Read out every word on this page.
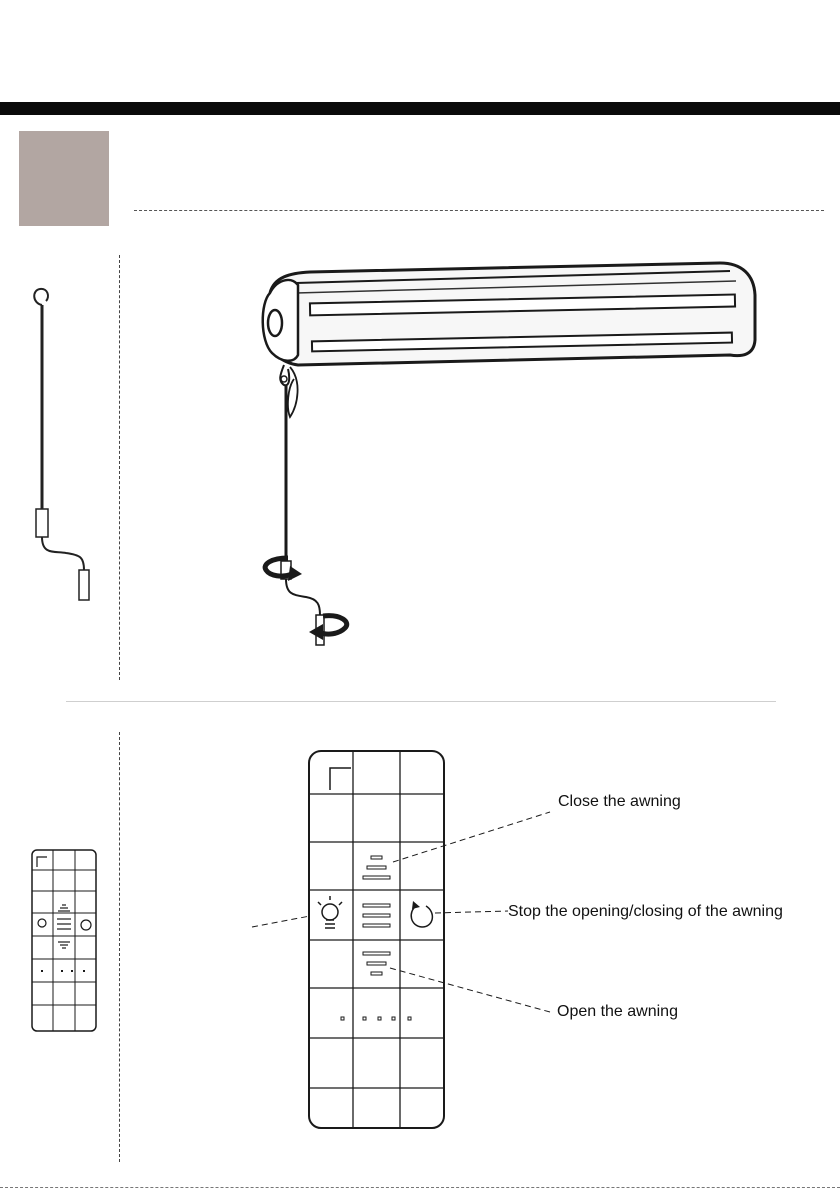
Close the awning
Stop the opening/closing of the awning
Open the awning
